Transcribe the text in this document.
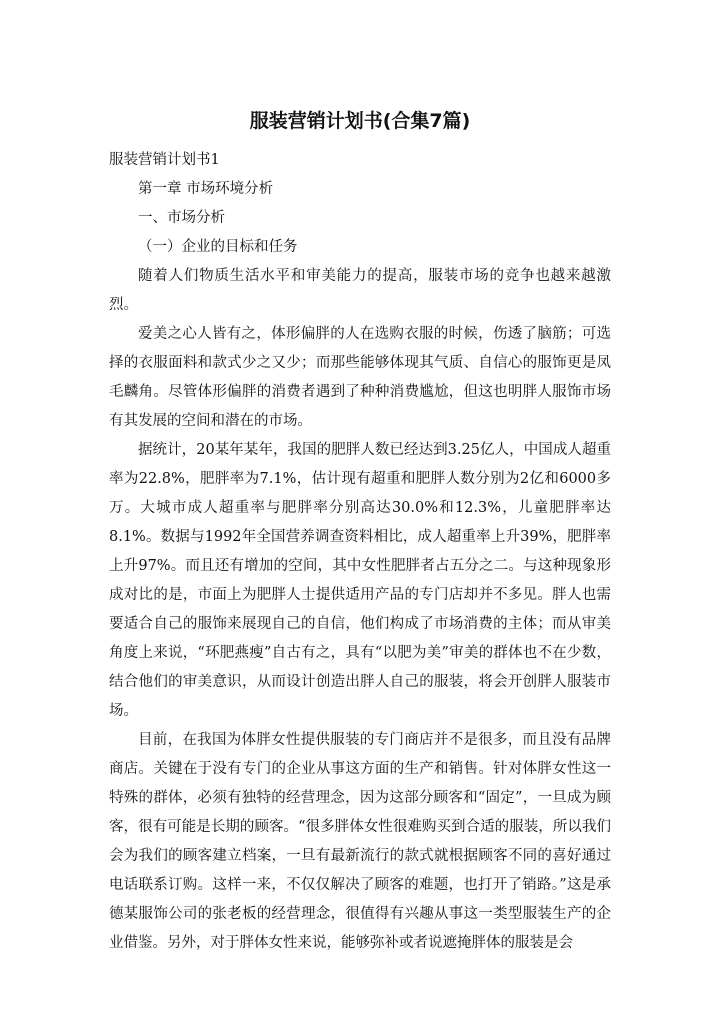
服装营销计划书(合集7篇)

服装营销计划书1

第一章 市场环境分析

一、市场分析

（一）企业的目标和任务

随着人们物质生活水平和审美能力的提高，服装市场的竞争也越来越激烈。

爱美之心人皆有之，体形偏胖的人在选购衣服的时候，伤透了脑筋；可选择的衣服面料和款式少之又少；而那些能够体现其气质、自信心的服饰更是凤毛麟角。尽管体形偏胖的消费者遇到了种种消费尴尬，但这也明胖人服饰市场有其发展的空间和潜在的市场。

据统计，20某年某年，我国的肥胖人数已经达到3.25亿人，中国成人超重率为22.8%，肥胖率为7.1%，估计现有超重和肥胖人数分别为2亿和6000多万。大城市成人超重率与肥胖率分别高达30.0%和12.3%，儿童肥胖率达8.1%。数据与1992年全国营养调查资料相比，成人超重率上升39%，肥胖率上升97%。而且还有增加的空间，其中女性肥胖者占五分之二。与这种现象形成对比的是，市面上为肥胖人士提供适用产品的专门店却并不多见。胖人也需要适合自己的服饰来展现自己的自信，他们构成了市场消费的主体；而从审美角度上来说，“环肥燕瘦”自古有之，具有“以肥为美”审美的群体也不在少数，结合他们的审美意识，从而设计创造出胖人自己的服装，将会开创胖人服装市场。

目前，在我国为体胖女性提供服装的专门商店并不是很多，而且没有品牌商店。关键在于没有专门的企业从事这方面的生产和销售。针对体胖女性这一特殊的群体，必须有独特的经营理念，因为这部分顾客和“固定”，一旦成为顾客，很有可能是长期的顾客。“很多胖体女性很难购买到合适的服装，所以我们会为我们的顾客建立档案，一旦有最新流行的款式就根据顾客不同的喜好通过电话联系订购。这样一来，不仅仅解决了顾客的难题，也打开了销路。”这是承德某服饰公司的张老板的经营理念，很值得有兴趣从事这一类型服装生产的企业借鉴。另外，对于胖体女性来说，能够弥补或者说遮掩胖体的服装是会
